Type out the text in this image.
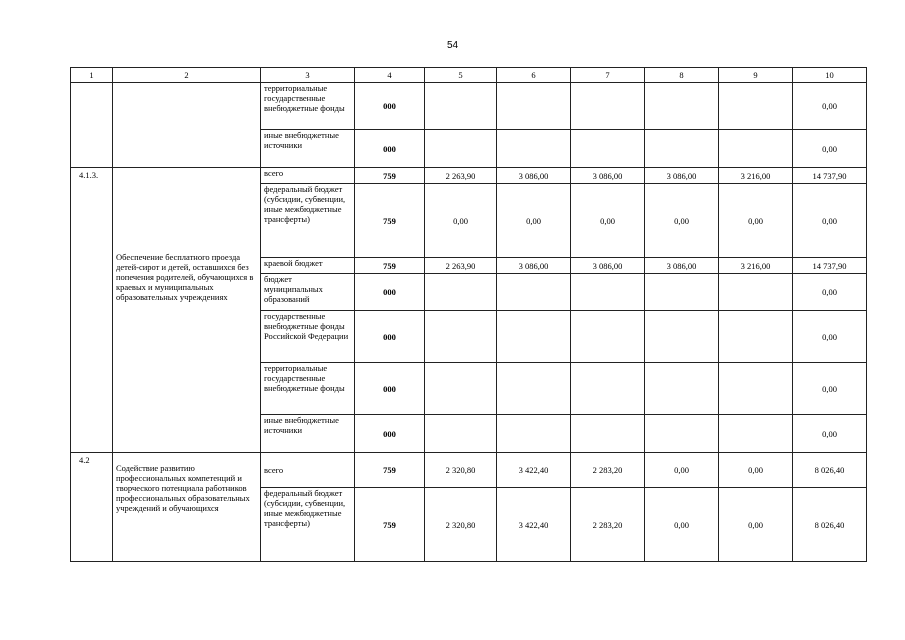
54
1	2	3	4	5	6	7	8	9	10
		территориальные государственные внебюджетные фонды	000						0,00
		иные внебюджетные источники	000						0,00
4.1.3.	Обеспечение бесплатного проезда детей-сирот и детей, оставшихся без попечения родителей, обучающихся в краевых и муниципальных образовательных учреждениях	всего	759	2 263,90	3 086,00	3 086,00	3 086,00	3 216,00	14 737,90
		федеральный бюджет (субсидии, субвенции, иные межбюджетные трансферты)	759	0,00	0,00	0,00	0,00	0,00	0,00
		краевой бюджет	759	2 263,90	3 086,00	3 086,00	3 086,00	3 216,00	14 737,90
		бюджет муниципальных образований	000						0,00
		государственные внебюджетные фонды Российской Федерации	000						0,00
		территориальные государственные внебюджетные фонды	000						0,00
		иные внебюджетные источники	000						0,00
4.2	Содействие развитию профессиональных компетенций и творческого потенциала работников профессиональных образовательных учреждений и обучающихся	всего	759	2 320,80	3 422,40	2 283,20	0,00	0,00	8 026,40
		федеральный бюджет (субсидии, субвенции, иные межбюджетные трансферты)	759	2 320,80	3 422,40	2 283,20	0,00	0,00	8 026,40
